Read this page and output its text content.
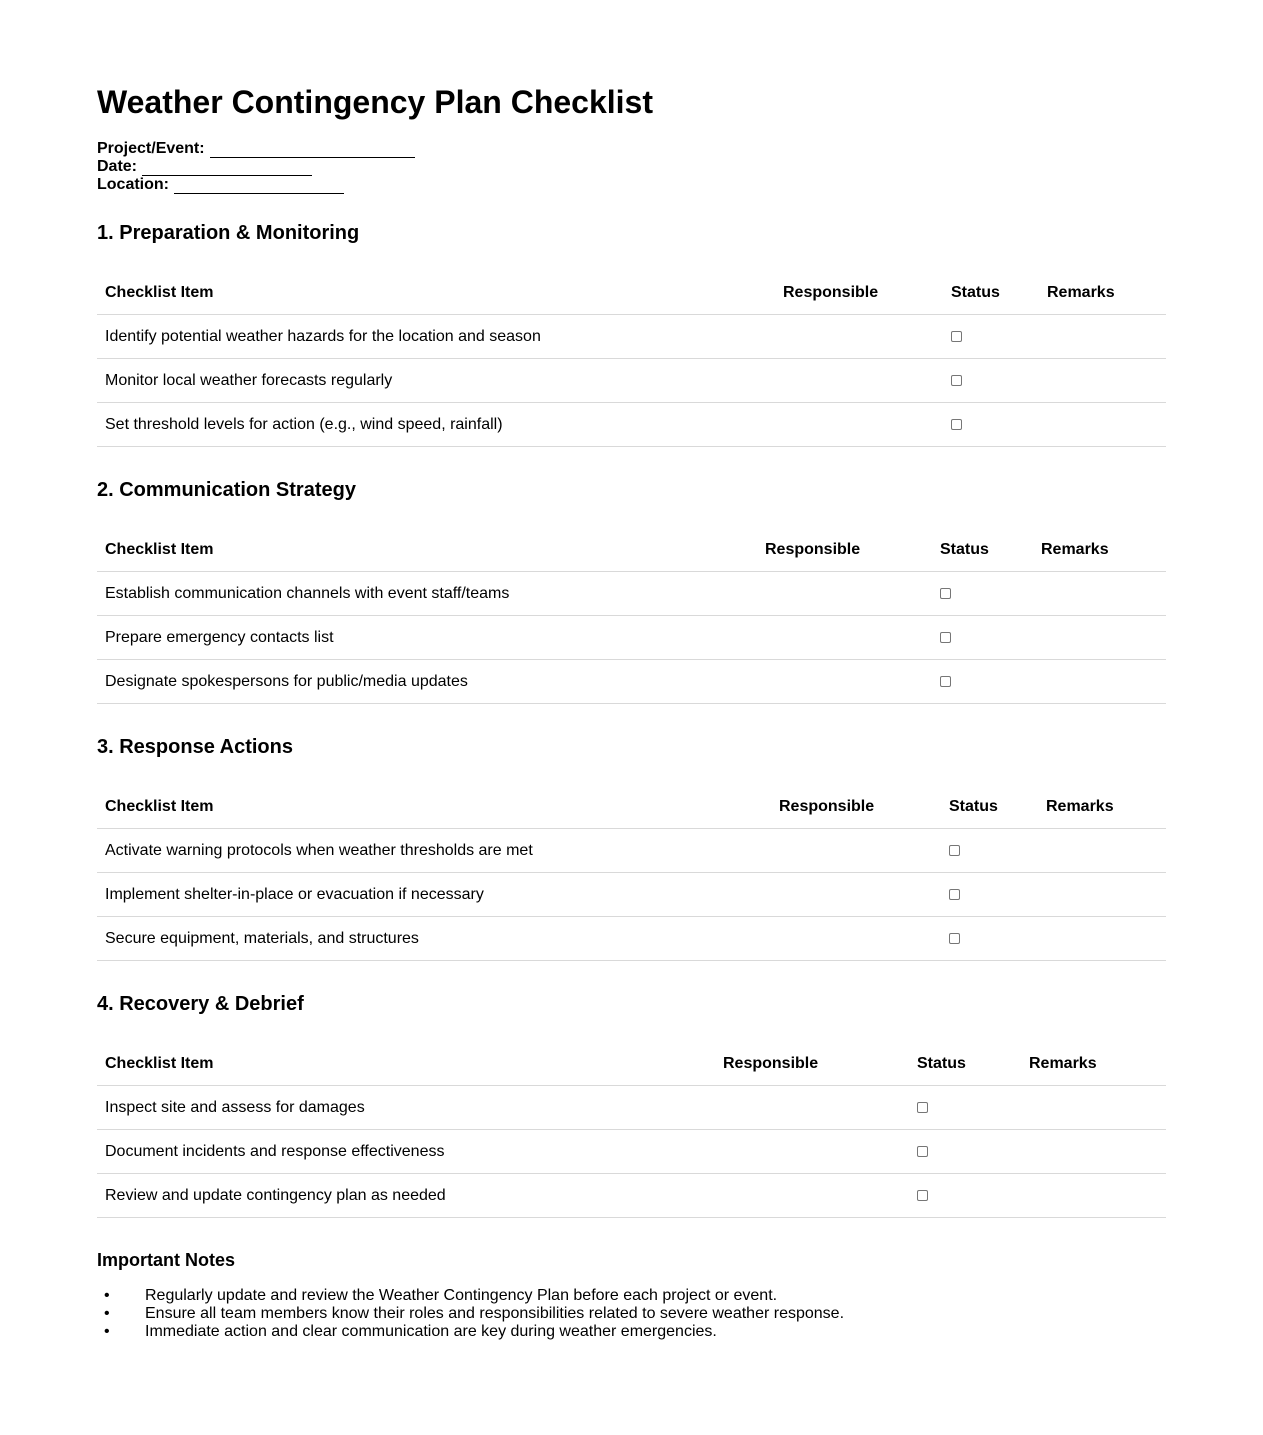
Weather Contingency Plan Checklist
Project/Event:
Date:
Location:
1. Preparation & Monitoring
Checklist Item	Responsible	Status	Remarks
Identify potential weather hazards for the location and season			
Monitor local weather forecasts regularly			
Set threshold levels for action (e.g., wind speed, rainfall)			
2. Communication Strategy
Checklist Item	Responsible	Status	Remarks
Establish communication channels with event staff/teams			
Prepare emergency contacts list			
Designate spokespersons for public/media updates			
3. Response Actions
Checklist Item	Responsible	Status	Remarks
Activate warning protocols when weather thresholds are met			
Implement shelter-in-place or evacuation if necessary			
Secure equipment, materials, and structures			
4. Recovery & Debrief
Checklist Item	Responsible	Status	Remarks
Inspect site and assess for damages			
Document incidents and response effectiveness			
Review and update contingency plan as needed			
Important Notes
• Regularly update and review the Weather Contingency Plan before each project or event.
• Ensure all team members know their roles and responsibilities related to severe weather response.
• Immediate action and clear communication are key during weather emergencies.
